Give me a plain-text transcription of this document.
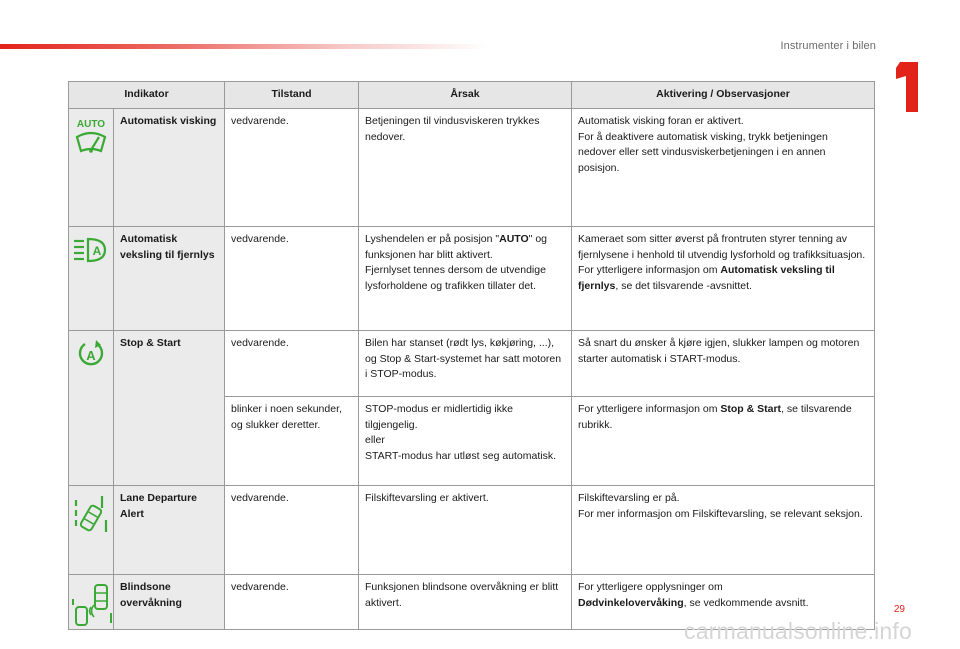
Instrumenter i bilen
Indikator		Tilstand	Årsak	Aktivering / Observasjoner

AUTO	Automatisk visking	vedvarende.	Betjeningen til vindusviskeren trykkes nedover.	Automatisk visking foran er aktivert.
For å deaktivere automatisk visking, trykk betjeningen nedover eller sett vindusviskerbetjeningen i en annen posisjon.

A	Automatisk veksling til fjernlys	vedvarende.	Lyshendelen er på posisjon "AUTO" og funksjonen har blitt aktivert.
Fjernlyset tennes dersom de utvendige lysforholdene og trafikken tillater det.	Kameraet som sitter øverst på frontruten styrer tenning av fjernlysene i henhold til utvendig lysforhold og trafikksituasjon.
For ytterligere informasjon om Automatisk veksling til fjernlys, se det tilsvarende -avsnittet.

A	Stop & Start	vedvarende.	Bilen har stanset (rødt lys, køkjøring, ...), og Stop & Start-systemet har satt motoren i STOP-modus.	Så snart du ønsker å kjøre igjen, slukker lampen og motoren starter automatisk i START-modus.
		blinker i noen sekunder, og slukker deretter.	STOP-modus er midlertidig ikke tilgjengelig.
eller
START-modus har utløst seg automatisk.	For ytterligere informasjon om Stop & Start, se tilsvarende rubrikk.

	Lane Departure Alert	vedvarende.	Filskiftevarsling er aktivert.	Filskiftevarsling er på.
For mer informasjon om Filskiftevarsling, se relevant seksjon.

	Blindsone overvåkning	vedvarende.	Funksjonen blindsone overvåkning er blitt aktivert.	For ytterligere opplysninger om
Dødvinkelovervåking, se vedkommende avsnitt.
29
carmanualsonline.info
